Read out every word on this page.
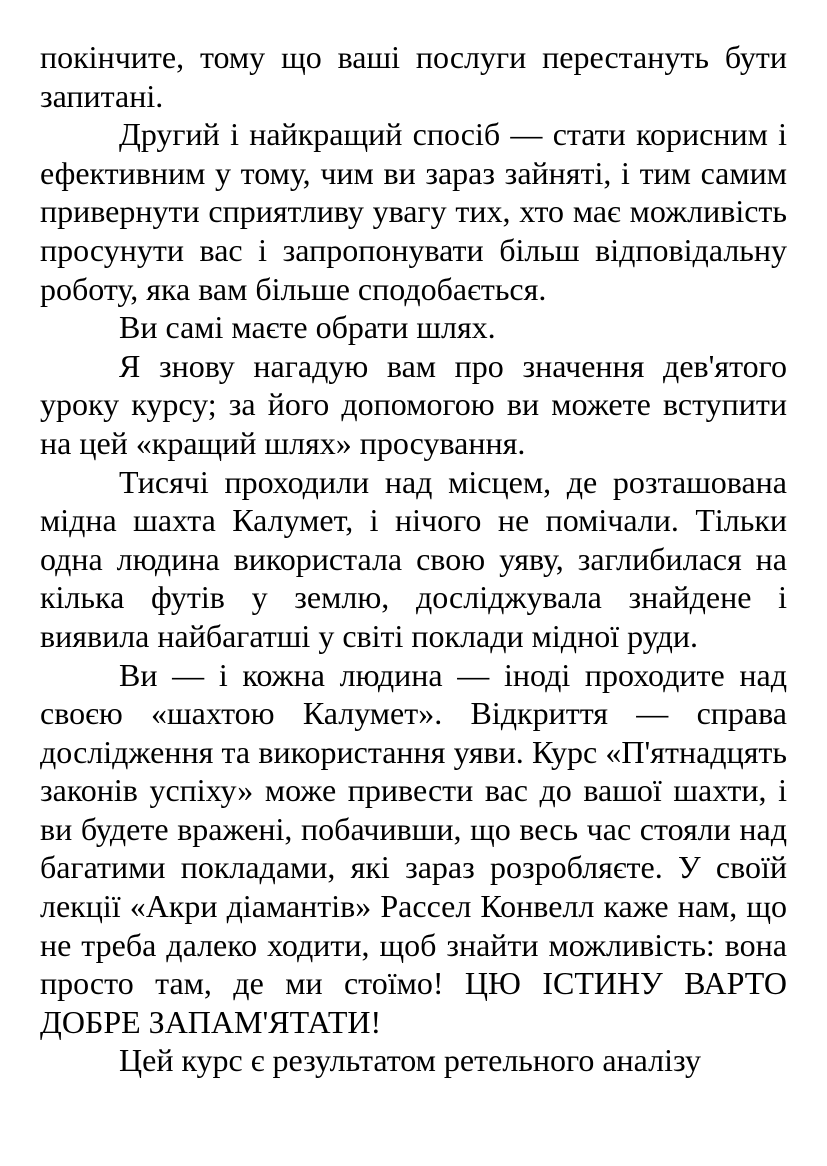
покінчите, тому що ваші послуги перестануть бути запитані.

Другий і найкращий спосіб — стати корисним і ефективним у тому, чим ви зараз зайняті, і тим самим привернути сприятливу увагу тих, хто має можливість просунути вас і запропонувати більш відповідальну роботу, яка вам більше сподобається.

Ви самі маєте обрати шлях.

Я знову нагадую вам про значення дев'ятого уроку курсу; за його допомогою ви можете вступити на цей «кращий шлях» просування.

Тисячі проходили над місцем, де розташована мідна шахта Калумет, і нічого не помічали. Тільки одна людина використала свою уяву, заглибилася на кілька футів у землю, досліджувала знайдене і виявила найбагатші у світі поклади мідної руди.

Ви — і кожна людина — іноді проходите над своєю «шахтою Калумет». Відкриття — справа дослідження та використання уяви. Курс «П'ятнадцять законів успіху» може привести вас до вашої шахти, і ви будете вражені, побачивши, що весь час стояли над багатими покладами, які зараз розробляєте. У своїй лекції «Акри діамантів» Рассел Конвелл каже нам, що не треба далеко ходити, щоб знайти можливість: вона просто там, де ми стоїмо! ЦЮ ІСТИНУ ВАРТО ДОБРЕ ЗАПАМ'ЯТАТИ!

Цей курс є результатом ретельного аналізу
